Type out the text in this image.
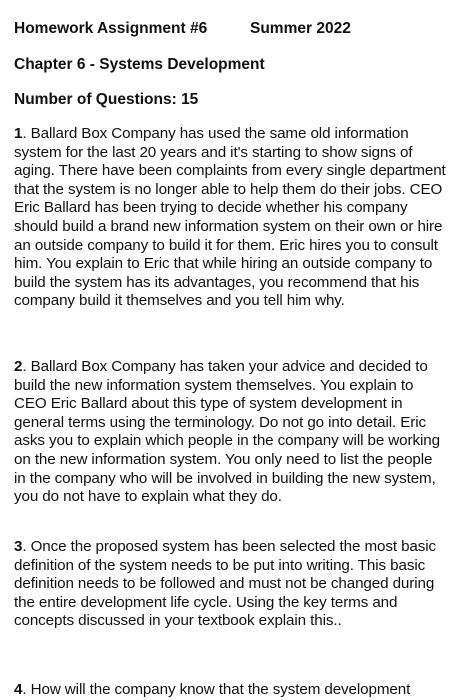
Homework Assignment #6	Summer 2022
Chapter 6 - Systems Development
Number of Questions: 15
1. Ballard Box Company has used the same old information system for the last 20 years and it's starting to show signs of aging. There have been complaints from every single department that the system is no longer able to help them do their jobs. CEO Eric Ballard has been trying to decide whether his company should build a brand new information system on their own or hire an outside company to build it for them. Eric hires you to consult him. You explain to Eric that while hiring an outside company to build the system has its advantages, you recommend that his company build it themselves and you tell him why.
2. Ballard Box Company has taken your advice and decided to build the new information system themselves. You explain to CEO Eric Ballard about this type of system development in general terms using the terminology. Do not go into detail. Eric asks you to explain which people in the company will be working on the new information system. You only need to list the people in the company who will be involved in building the new system, you do not have to explain what they do.
3. Once the proposed system has been selected the most basic definition of the system needs to be put into writing. This basic definition needs to be followed and must not be changed during the entire development life cycle. Using the key terms and concepts discussed in your textbook explain this..
4. How will the company know that the system development
